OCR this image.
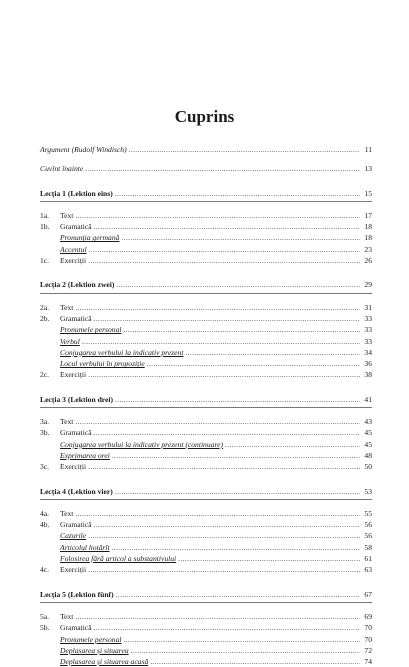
Cuprins
Argument (Rudolf Windisch) .....	11
Cuvînt înainte .....	13
Lecția 1 (Lektion eins) .....	15
1a.	Text .....	17
1b.	Gramatică .....	18
Pronunția germană .....	18
Accentul .....	23
1c.	Exerciții .....	26
Lecția 2 (Lektion zwei) .....	29
2a.	Text .....	31
2b.	Gramatică .....	33
Pronumele personal .....	33
Verbul .....	33
Conjugarea verbului la indicativ prezent .....	34
Locul verbului în propoziție .....	36
2c.	Exerciții .....	38
Lecția 3 (Lektion drei) .....	41
3a.	Text .....	43
3b.	Gramatică .....	45
Conjugarea verbului la indicativ prezent (continuare) .....	45
Exprimarea orei .....	48
3c.	Exerciții .....	50
Lecția 4 (Lektion vier) .....	53
4a.	Text .....	55
4b.	Gramatică .....	56
Cazurile .....	56
Articolul hotărît .....	58
Folosirea fără articol a substantivului .....	61
4c.	Exerciții .....	63
Lecția 5 (Lektion fünf) .....	67
5a.	Text .....	69
5b.	Gramatică .....	70
Pronumele personal .....	70
Deplasarea și situarea .....	72
Deplasarea și situarea acasă .....	74
